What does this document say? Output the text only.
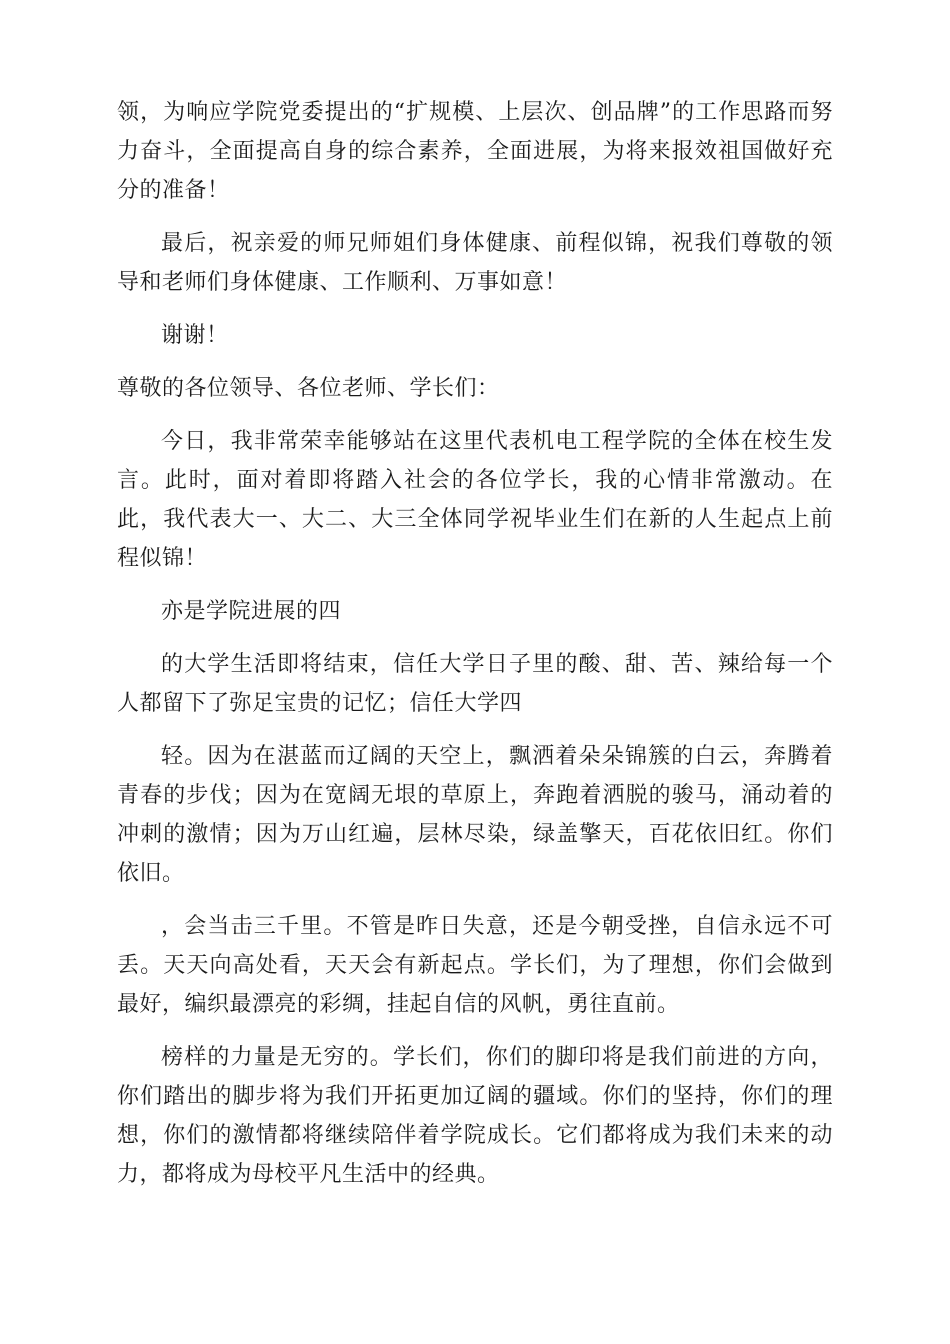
领，为响应学院党委提出的“扩规模、上层次、创品牌”的工作思路而努力奋斗，全面提高自身的综合素养，全面进展，为将来报效祖国做好充分的准备！

最后，祝亲爱的师兄师姐们身体健康、前程似锦，祝我们尊敬的领导和老师们身体健康、工作顺利、万事如意！

谢谢！

尊敬的各位领导、各位老师、学长们：

今日，我非常荣幸能够站在这里代表机电工程学院的全体在校生发言。此时，面对着即将踏入社会的各位学长，我的心情非常激动。在此，我代表大一、大二、大三全体同学祝毕业生们在新的人生起点上前程似锦！

亦是学院进展的四

的大学生活即将结束，信任大学日子里的酸、甜、苦、辣给每一个人都留下了弥足宝贵的记忆；信任大学四

轻。因为在湛蓝而辽阔的天空上，飘洒着朵朵锦簇的白云，奔腾着青春的步伐；因为在宽阔无垠的草原上，奔跑着洒脱的骏马，涌动着的冲刺的激情；因为万山红遍，层林尽染，绿盖擎天，百花依旧红。你们依旧。

，会当击三千里。不管是昨日失意，还是今朝受挫，自信永远不可丢。天天向高处看，天天会有新起点。学长们，为了理想，你们会做到最好，编织最漂亮的彩绸，挂起自信的风帆，勇往直前。

榜样的力量是无穷的。学长们，你们的脚印将是我们前进的方向，你们踏出的脚步将为我们开拓更加辽阔的疆域。你们的坚持，你们的理想，你们的激情都将继续陪伴着学院成长。它们都将成为我们未来的动力，都将成为母校平凡生活中的经典。
